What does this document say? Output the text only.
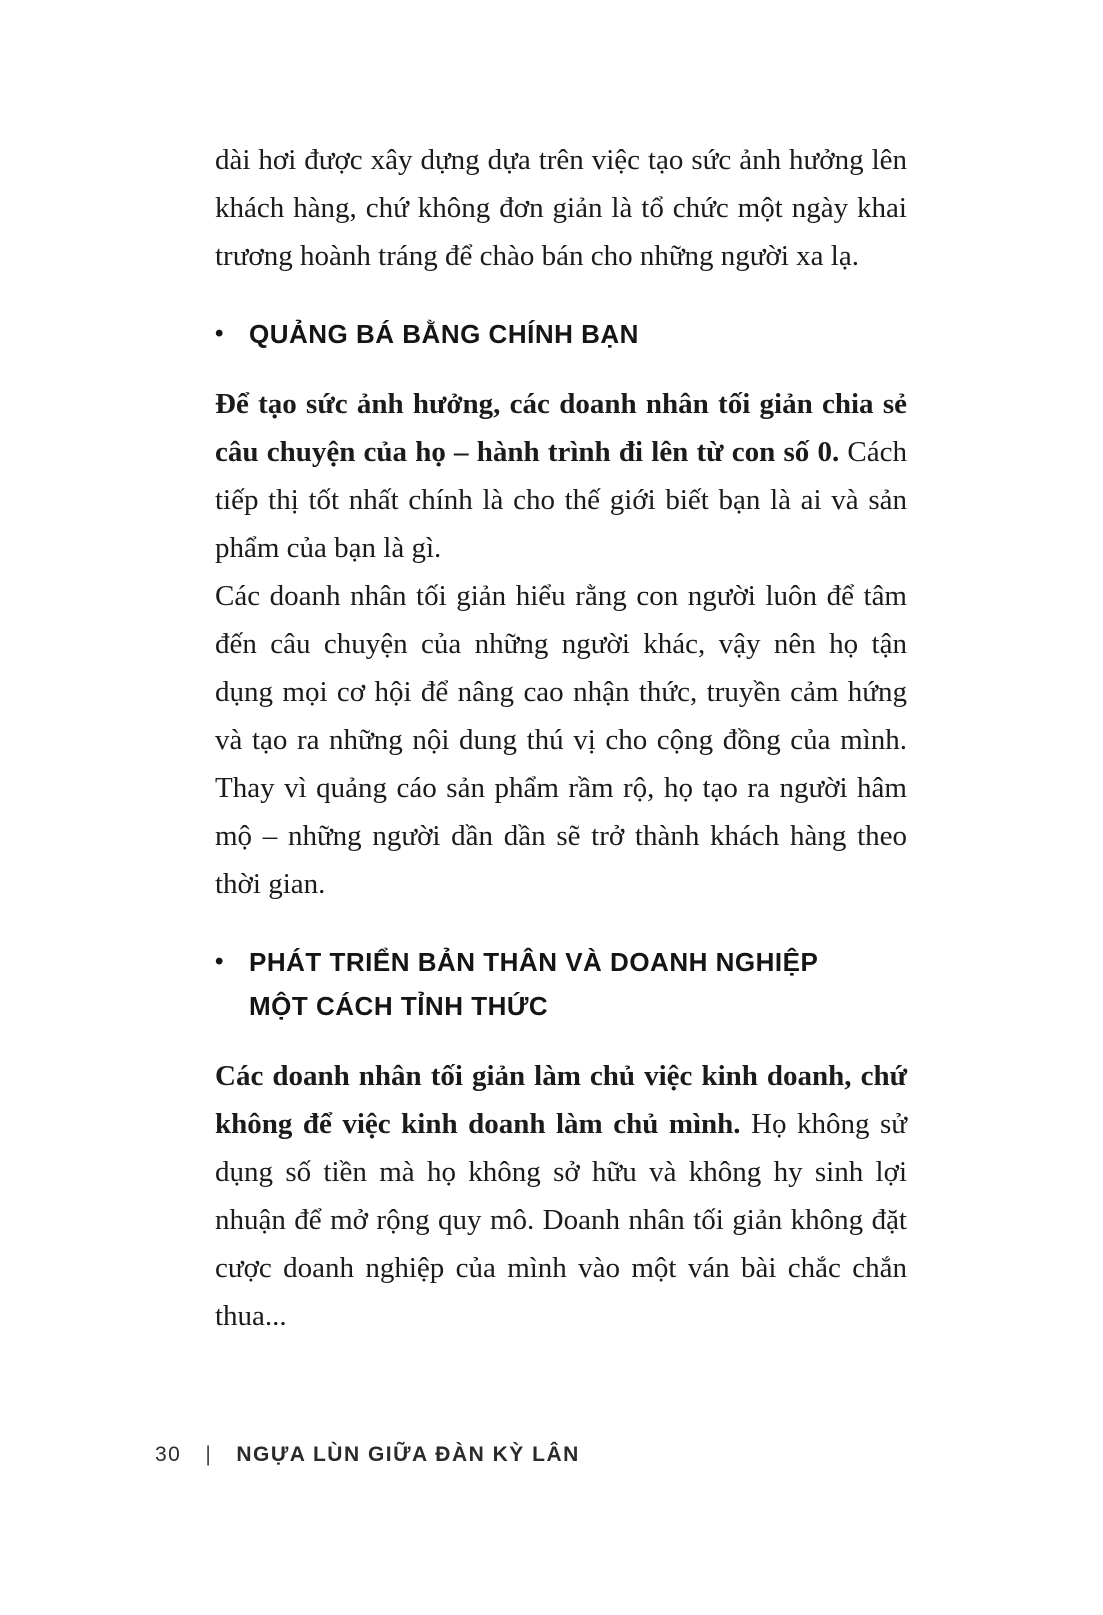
dài hơi được xây dựng dựa trên việc tạo sức ảnh hưởng lên khách hàng, chứ không đơn giản là tổ chức một ngày khai trương hoành tráng để chào bán cho những người xa lạ.

• QUẢNG BÁ BẰNG CHÍNH BẠN

Để tạo sức ảnh hưởng, các doanh nhân tối giản chia sẻ câu chuyện của họ – hành trình đi lên từ con số 0. Cách tiếp thị tốt nhất chính là cho thế giới biết bạn là ai và sản phẩm của bạn là gì.

Các doanh nhân tối giản hiểu rằng con người luôn để tâm đến câu chuyện của những người khác, vậy nên họ tận dụng mọi cơ hội để nâng cao nhận thức, truyền cảm hứng và tạo ra những nội dung thú vị cho cộng đồng của mình. Thay vì quảng cáo sản phẩm rầm rộ, họ tạo ra người hâm mộ – những người dần dần sẽ trở thành khách hàng theo thời gian.

• PHÁT TRIỂN BẢN THÂN VÀ DOANH NGHIỆP
MỘT CÁCH TỈNH THỨC

Các doanh nhân tối giản làm chủ việc kinh doanh, chứ không để việc kinh doanh làm chủ mình. Họ không sử dụng số tiền mà họ không sở hữu và không hy sinh lợi nhuận để mở rộng quy mô. Doanh nhân tối giản không đặt cược doanh nghiệp của mình vào một ván bài chắc chắn thua...

30 | NGỰA LÙN GIỮA ĐÀN KỲ LÂN
